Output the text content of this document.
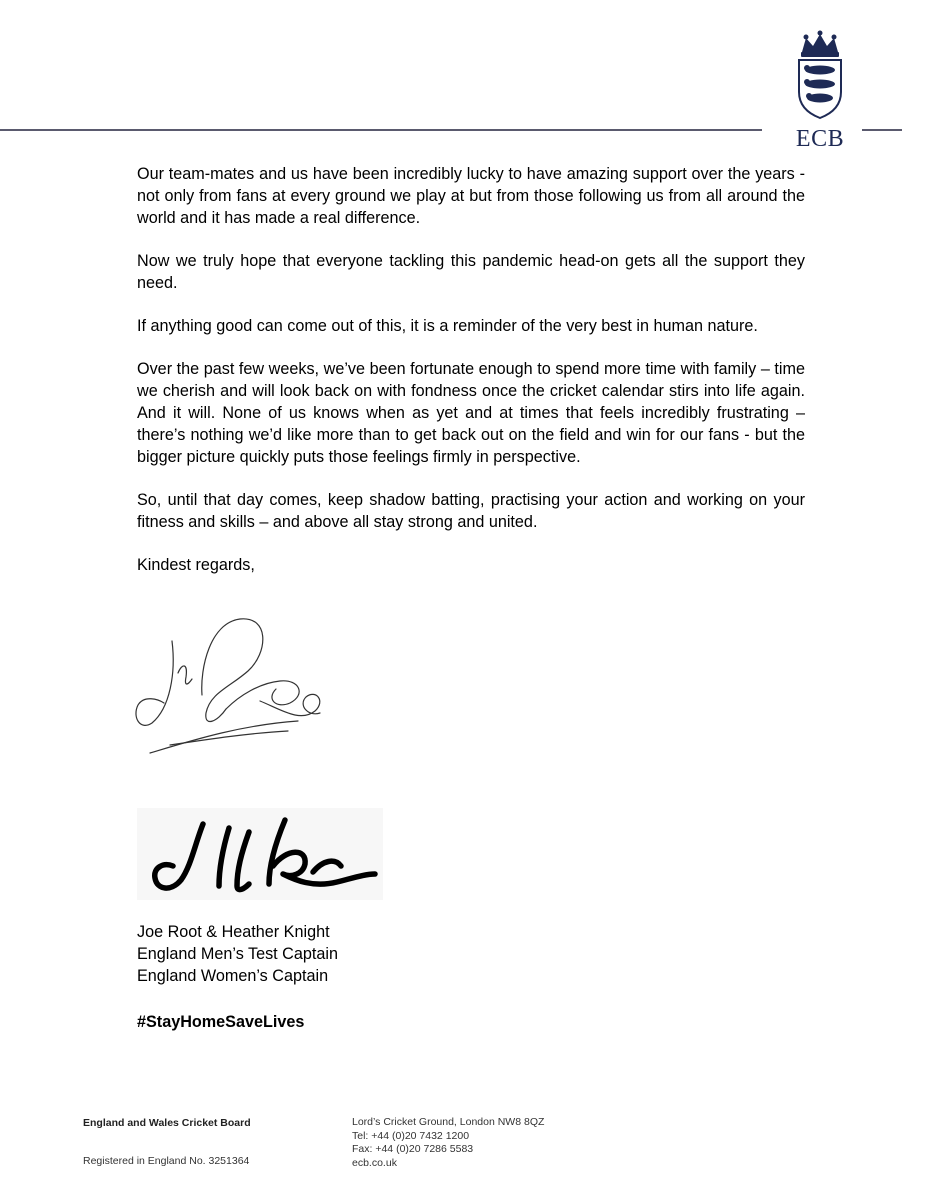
ECB

Our team-mates and us have been incredibly lucky to have amazing support over the years - not only from fans at every ground we play at but from those following us from all around the world and it has made a real difference.

Now we truly hope that everyone tackling this pandemic head-on gets all the support they need.

If anything good can come out of this, it is a reminder of the very best in human nature.

Over the past few weeks, we’ve been fortunate enough to spend more time with family – time we cherish and will look back on with fondness once the cricket calendar stirs into life again. And it will. None of us knows when as yet and at times that feels incredibly frustrating – there’s nothing we’d like more than to get back out on the field and win for our fans - but the bigger picture quickly puts those feelings firmly in perspective.

So, until that day comes, keep shadow batting, practising your action and working on your fitness and skills – and above all stay strong and united.

Kindest regards,

Joe Root & Heather Knight
England Men’s Test Captain
England Women’s Captain
#StayHomeSaveLives
England and Wales Cricket Board
Registered in England No. 3251364
Lord’s Cricket Ground, London NW8 8QZ
Tel: +44 (0)20 7432 1200
Fax: +44 (0)20 7286 5583
ecb.co.uk
